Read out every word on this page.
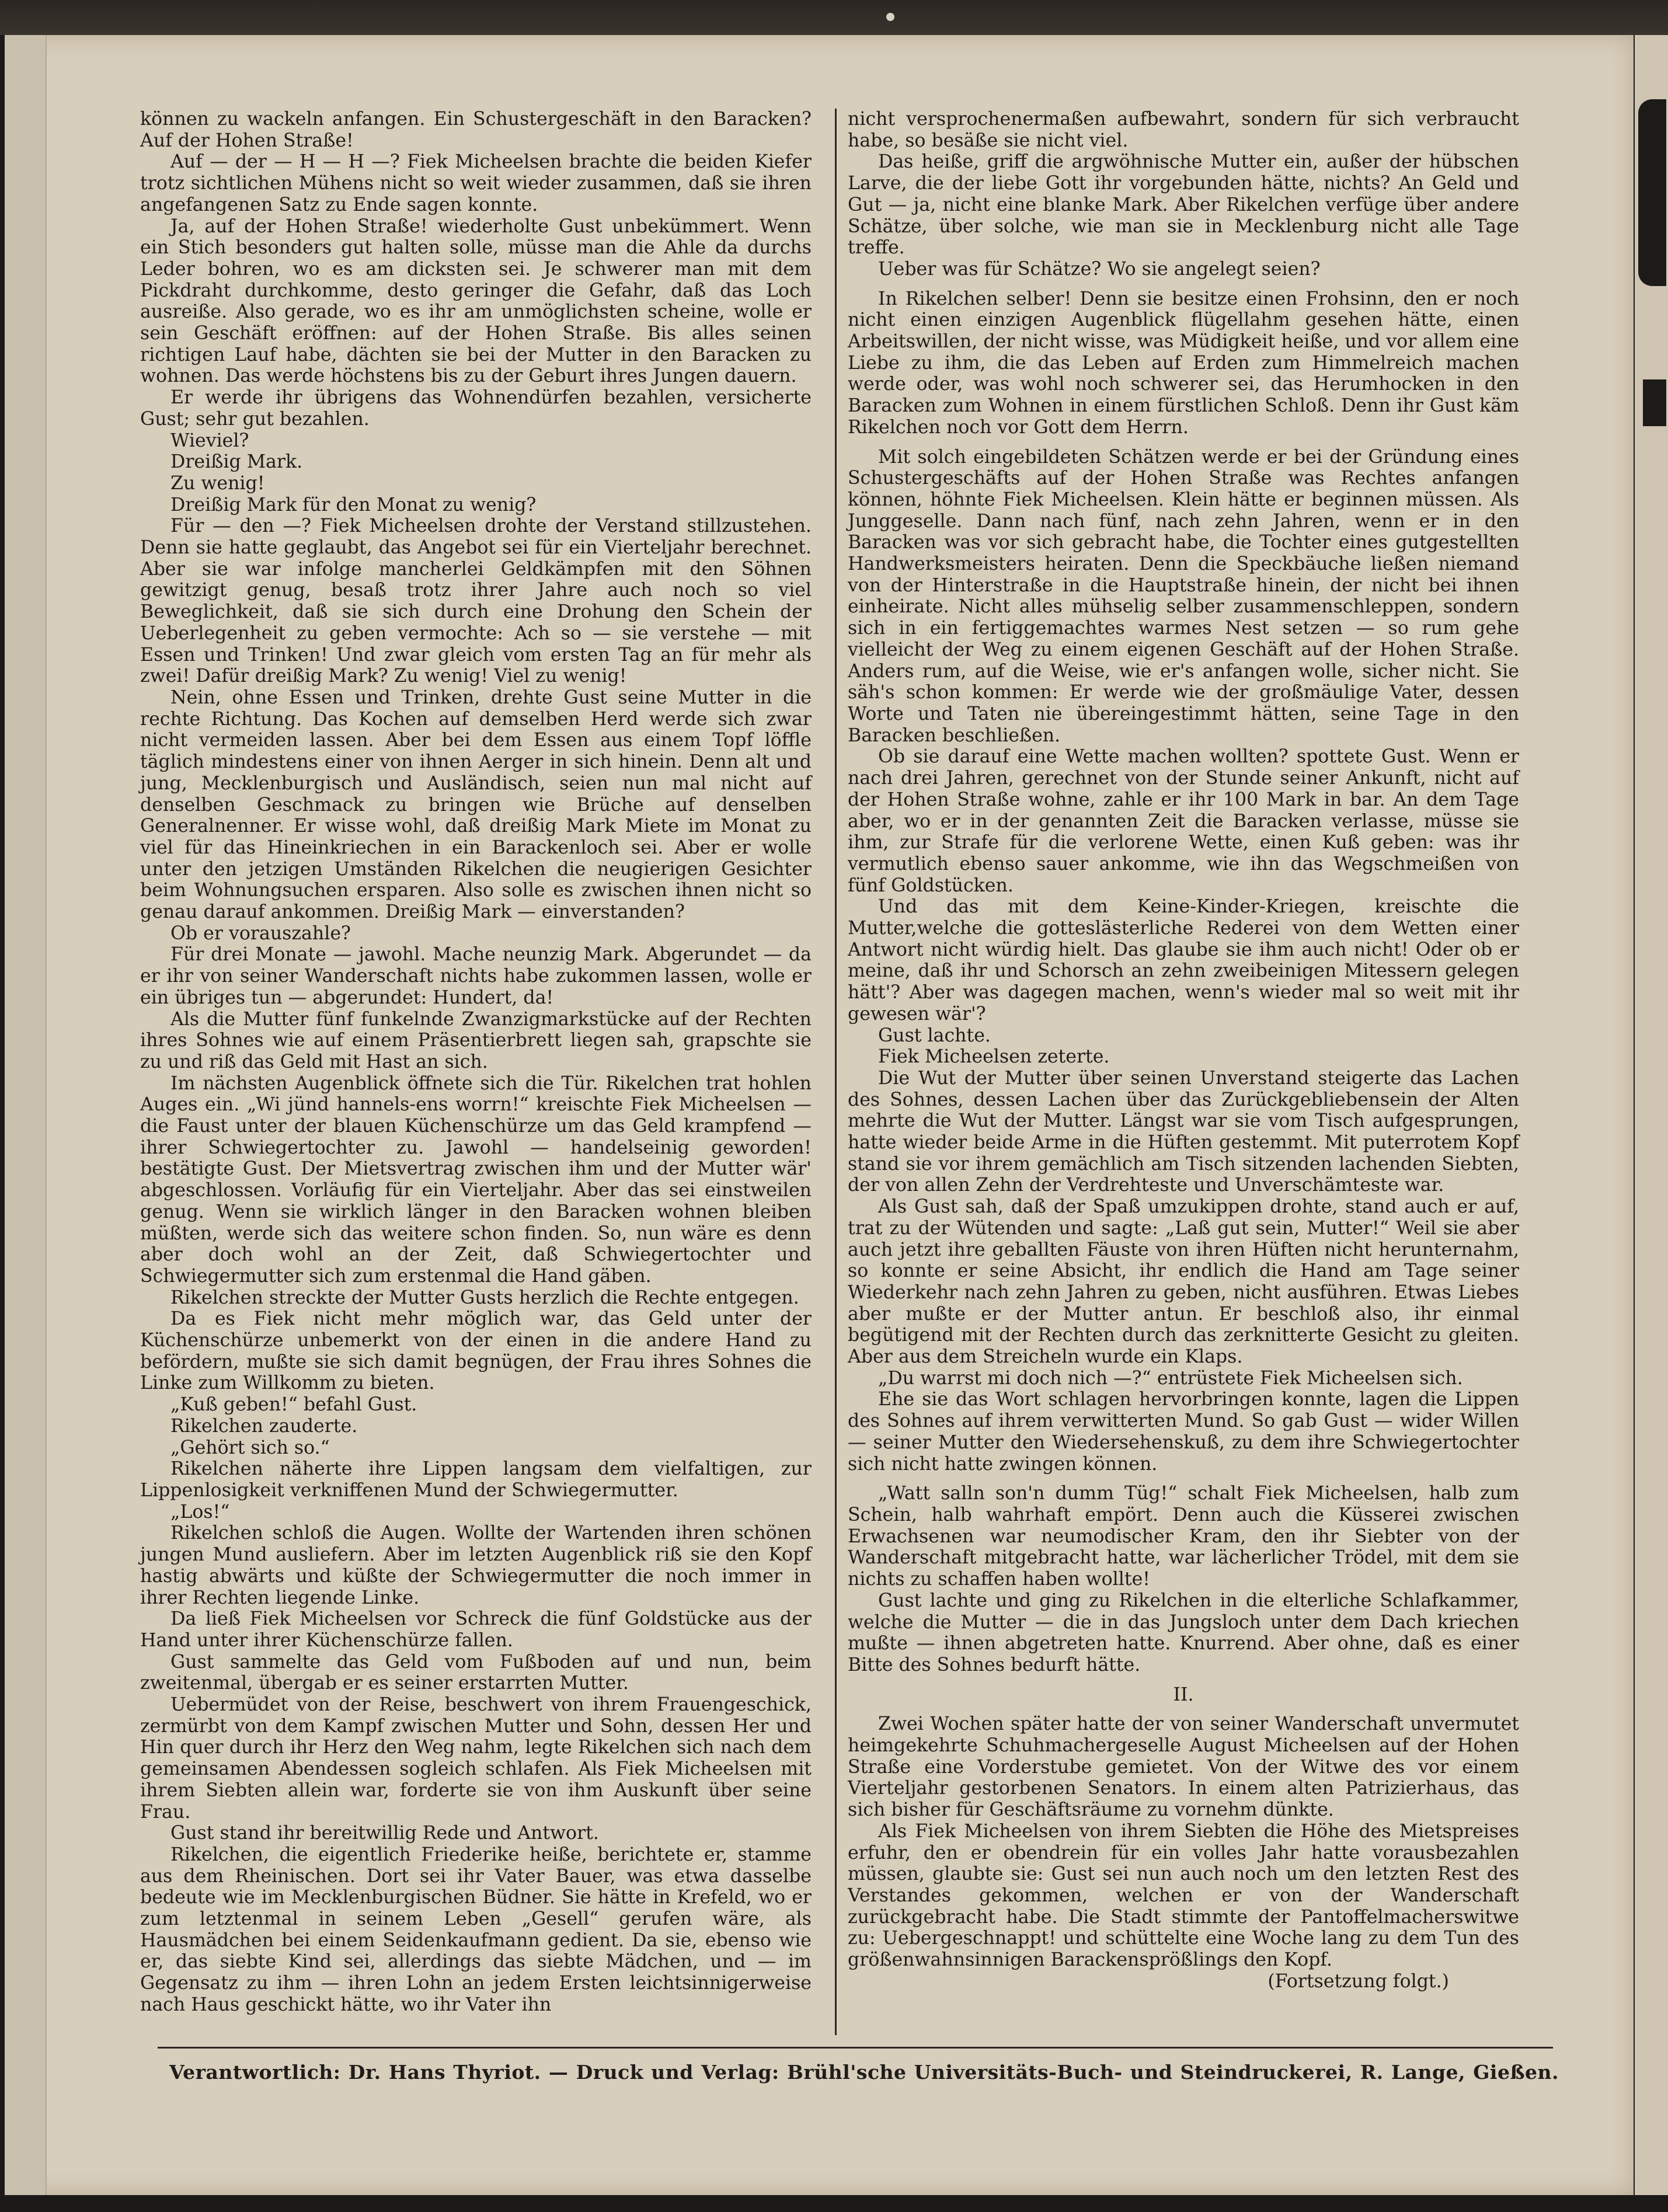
können zu wackeln anfangen. Ein Schustergeschäft in den Baracken? Auf der Hohen Straße!

Auf — der — H — H —? Fiek Micheelsen brachte die beiden Kiefer trotz sichtlichen Mühens nicht so weit wieder zusammen, daß sie ihren angefangenen Satz zu Ende sagen konnte.

Ja, auf der Hohen Straße! wiederholte Gust unbekümmert. Wenn ein Stich besonders gut halten solle, müsse man die Ahle da durchs Leder bohren, wo es am dicksten sei. Je schwerer man mit dem Pickdraht durchkomme, desto geringer die Gefahr, daß das Loch ausreiße. Also gerade, wo es ihr am unmöglichsten scheine, wolle er sein Geschäft eröffnen: auf der Hohen Straße. Bis alles seinen richtigen Lauf habe, dächten sie bei der Mutter in den Baracken zu wohnen. Das werde höchstens bis zu der Geburt ihres Jungen dauern.

Er werde ihr übrigens das Wohnendürfen bezahlen, versicherte Gust; sehr gut bezahlen.

Wieviel?

Dreißig Mark.

Zu wenig!

Dreißig Mark für den Monat zu wenig?

Für — den —? Fiek Micheelsen drohte der Verstand stillzustehen. Denn sie hatte geglaubt, das Angebot sei für ein Vierteljahr berechnet. Aber sie war infolge mancherlei Geldkämpfen mit den Söhnen gewitzigt genug, besaß trotz ihrer Jahre auch noch so viel Beweglichkeit, daß sie sich durch eine Drohung den Schein der Ueberlegenheit zu geben vermochte: Ach so — sie verstehe — mit Essen und Trinken! Und zwar gleich vom ersten Tag an für mehr als zwei! Dafür dreißig Mark? Zu wenig! Viel zu wenig!

Nein, ohne Essen und Trinken, drehte Gust seine Mutter in die rechte Richtung. Das Kochen auf demselben Herd werde sich zwar nicht vermeiden lassen. Aber bei dem Essen aus einem Topf löffle täglich mindestens einer von ihnen Aerger in sich hinein. Denn alt und jung, Mecklenburgisch und Ausländisch, seien nun mal nicht auf denselben Geschmack zu bringen wie Brüche auf denselben Generalnenner. Er wisse wohl, daß dreißig Mark Miete im Monat zu viel für das Hineinkriechen in ein Barackenloch sei. Aber er wolle unter den jetzigen Umständen Rikelchen die neugierigen Gesichter beim Wohnungsuchen ersparen. Also solle es zwischen ihnen nicht so genau darauf ankommen. Dreißig Mark — einverstanden?

Ob er vorauszahle?

Für drei Monate — jawohl. Mache neunzig Mark. Abgerundet — da er ihr von seiner Wanderschaft nichts habe zukommen lassen, wolle er ein übriges tun — abgerundet: Hundert, da!

Als die Mutter fünf funkelnde Zwanzigmarkstücke auf der Rechten ihres Sohnes wie auf einem Präsentierbrett liegen sah, grapschte sie zu und riß das Geld mit Hast an sich.

Im nächsten Augenblick öffnete sich die Tür. Rikelchen trat hohlen Auges ein. „Wi jünd hannels-ens worrn!“ kreischte Fiek Micheelsen — die Faust unter der blauen Küchenschürze um das Geld krampfend — ihrer Schwiegertochter zu. Jawohl — handelseinig geworden! bestätigte Gust. Der Mietsvertrag zwischen ihm und der Mutter wär' abgeschlossen. Vorläufig für ein Vierteljahr. Aber das sei einstweilen genug. Wenn sie wirklich länger in den Baracken wohnen bleiben müßten, werde sich das weitere schon finden. So, nun wäre es denn aber doch wohl an der Zeit, daß Schwiegertochter und Schwiegermutter sich zum erstenmal die Hand gäben.

Rikelchen streckte der Mutter Gusts herzlich die Rechte entgegen.

Da es Fiek nicht mehr möglich war, das Geld unter der Küchenschürze unbemerkt von der einen in die andere Hand zu befördern, mußte sie sich damit begnügen, der Frau ihres Sohnes die Linke zum Willkomm zu bieten.

„Kuß geben!“ befahl Gust.

Rikelchen zauderte.

„Gehört sich so.“

Rikelchen näherte ihre Lippen langsam dem vielfaltigen, zur Lippenlosigkeit verkniffenen Mund der Schwiegermutter.

„Los!“

Rikelchen schloß die Augen. Wollte der Wartenden ihren schönen jungen Mund ausliefern. Aber im letzten Augenblick riß sie den Kopf hastig abwärts und küßte der Schwiegermutter die noch immer in ihrer Rechten liegende Linke.

Da ließ Fiek Micheelsen vor Schreck die fünf Goldstücke aus der Hand unter ihrer Küchenschürze fallen.

Gust sammelte das Geld vom Fußboden auf und nun, beim zweitenmal, übergab er es seiner erstarrten Mutter.

Uebermüdet von der Reise, beschwert von ihrem Frauengeschick, zermürbt von dem Kampf zwischen Mutter und Sohn, dessen Her und Hin quer durch ihr Herz den Weg nahm, legte Rikelchen sich nach dem gemeinsamen Abendessen sogleich schlafen. Als Fiek Micheelsen mit ihrem Siebten allein war, forderte sie von ihm Auskunft über seine Frau.

Gust stand ihr bereitwillig Rede und Antwort.

Rikelchen, die eigentlich Friederike heiße, berichtete er, stamme aus dem Rheinischen. Dort sei ihr Vater Bauer, was etwa dasselbe bedeute wie im Mecklenburgischen Büdner. Sie hätte in Krefeld, wo er zum letztenmal in seinem Leben „Gesell“ gerufen wäre, als Hausmädchen bei einem Seidenkaufmann gedient. Da sie, ebenso wie er, das siebte Kind sei, allerdings das siebte Mädchen, und — im Gegensatz zu ihm — ihren Lohn an jedem Ersten leichtsinnigerweise nach Haus geschickt hätte, wo ihr Vater ihn

nicht versprochenermaßen aufbewahrt, sondern für sich verbraucht habe, so besäße sie nicht viel.

Das heiße, griff die argwöhnische Mutter ein, außer der hübschen Larve, die der liebe Gott ihr vorgebunden hätte, nichts? An Geld und Gut — ja, nicht eine blanke Mark. Aber Rikelchen verfüge über andere Schätze, über solche, wie man sie in Mecklenburg nicht alle Tage treffe.

Ueber was für Schätze? Wo sie angelegt seien?

In Rikelchen selber! Denn sie besitze einen Frohsinn, den er noch nicht einen einzigen Augenblick flügellahm gesehen hätte, einen Arbeitswillen, der nicht wisse, was Müdigkeit heiße, und vor allem eine Liebe zu ihm, die das Leben auf Erden zum Himmelreich machen werde oder, was wohl noch schwerer sei, das Herumhocken in den Baracken zum Wohnen in einem fürstlichen Schloß. Denn ihr Gust käm Rikelchen noch vor Gott dem Herrn.

Mit solch eingebildeten Schätzen werde er bei der Gründung eines Schustergeschäfts auf der Hohen Straße was Rechtes anfangen können, höhnte Fiek Micheelsen. Klein hätte er beginnen müssen. Als Junggeselle. Dann nach fünf, nach zehn Jahren, wenn er in den Baracken was vor sich gebracht habe, die Tochter eines gutgestellten Handwerksmeisters heiraten. Denn die Speckbäuche ließen niemand von der Hinterstraße in die Hauptstraße hinein, der nicht bei ihnen einheirate. Nicht alles mühselig selber zusammenschleppen, sondern sich in ein fertiggemachtes warmes Nest setzen — so rum gehe vielleicht der Weg zu einem eigenen Geschäft auf der Hohen Straße. Anders rum, auf die Weise, wie er's anfangen wolle, sicher nicht. Sie säh's schon kommen: Er werde wie der großmäulige Vater, dessen Worte und Taten nie übereingestimmt hätten, seine Tage in den Baracken beschließen.

Ob sie darauf eine Wette machen wollten? spottete Gust. Wenn er nach drei Jahren, gerechnet von der Stunde seiner Ankunft, nicht auf der Hohen Straße wohne, zahle er ihr 100 Mark in bar. An dem Tage aber, wo er in der genannten Zeit die Baracken verlasse, müsse sie ihm, zur Strafe für die verlorene Wette, einen Kuß geben: was ihr vermutlich ebenso sauer ankomme, wie ihn das Wegschmeißen von fünf Goldstücken.

Und das mit dem Keine-Kinder-Kriegen, kreischte die Mutter,welche die gotteslästerliche Rederei von dem Wetten einer Antwort nicht würdig hielt. Das glaube sie ihm auch nicht! Oder ob er meine, daß ihr und Schorsch an zehn zweibeinigen Mitessern gelegen hätt'? Aber was dagegen machen, wenn's wieder mal so weit mit ihr gewesen wär'?

Gust lachte.

Fiek Micheelsen zeterte.

Die Wut der Mutter über seinen Unverstand steigerte das Lachen des Sohnes, dessen Lachen über das Zurückgebliebensein der Alten mehrte die Wut der Mutter. Längst war sie vom Tisch aufgesprungen, hatte wieder beide Arme in die Hüften gestemmt. Mit puterrotem Kopf stand sie vor ihrem gemächlich am Tisch sitzenden lachenden Siebten, der von allen Zehn der Verdrehteste und Unverschämteste war.

Als Gust sah, daß der Spaß umzukippen drohte, stand auch er auf, trat zu der Wütenden und sagte: „Laß gut sein, Mutter!“ Weil sie aber auch jetzt ihre geballten Fäuste von ihren Hüften nicht herunternahm, so konnte er seine Absicht, ihr endlich die Hand am Tage seiner Wiederkehr nach zehn Jahren zu geben, nicht ausführen. Etwas Liebes aber mußte er der Mutter antun. Er beschloß also, ihr einmal begütigend mit der Rechten durch das zerknitterte Gesicht zu gleiten. Aber aus dem Streicheln wurde ein Klaps.

„Du warrst mi doch nich —?“ entrüstete Fiek Micheelsen sich.

Ehe sie das Wort schlagen hervorbringen konnte, lagen die Lippen des Sohnes auf ihrem verwitterten Mund. So gab Gust — wider Willen — seiner Mutter den Wiedersehenskuß, zu dem ihre Schwiegertochter sich nicht hatte zwingen können.

„Watt salln son'n dumm Tüg!“ schalt Fiek Micheelsen, halb zum Schein, halb wahrhaft empört. Denn auch die Küsserei zwischen Erwachsenen war neumodischer Kram, den ihr Siebter von der Wanderschaft mitgebracht hatte, war lächerlicher Trödel, mit dem sie nichts zu schaffen haben wollte!

Gust lachte und ging zu Rikelchen in die elterliche Schlafkammer, welche die Mutter — die in das Jungsloch unter dem Dach kriechen mußte — ihnen abgetreten hatte. Knurrend. Aber ohne, daß es einer Bitte des Sohnes bedurft hätte.

II.

Zwei Wochen später hatte der von seiner Wanderschaft unvermutet heimgekehrte Schuhmachergeselle August Micheelsen auf der Hohen Straße eine Vorderstube gemietet. Von der Witwe des vor einem Vierteljahr gestorbenen Senators. In einem alten Patrizierhaus, das sich bisher für Geschäftsräume zu vornehm dünkte.

Als Fiek Micheelsen von ihrem Siebten die Höhe des Mietspreises erfuhr, den er obendrein für ein volles Jahr hatte vorausbezahlen müssen, glaubte sie: Gust sei nun auch noch um den letzten Rest des Verstandes gekommen, welchen er von der Wanderschaft zurückgebracht habe. Die Stadt stimmte der Pantoffelmacherswitwe zu: Uebergeschnappt! und schüttelte eine Woche lang zu dem Tun des größenwahnsinnigen Barackensprößlings den Kopf.

(Fortsetzung folgt.)

Verantwortlich: Dr. Hans Thyriot. — Druck und Verlag: Brühl'sche Universitäts-Buch- und Steindruckerei, R. Lange, Gießen.
